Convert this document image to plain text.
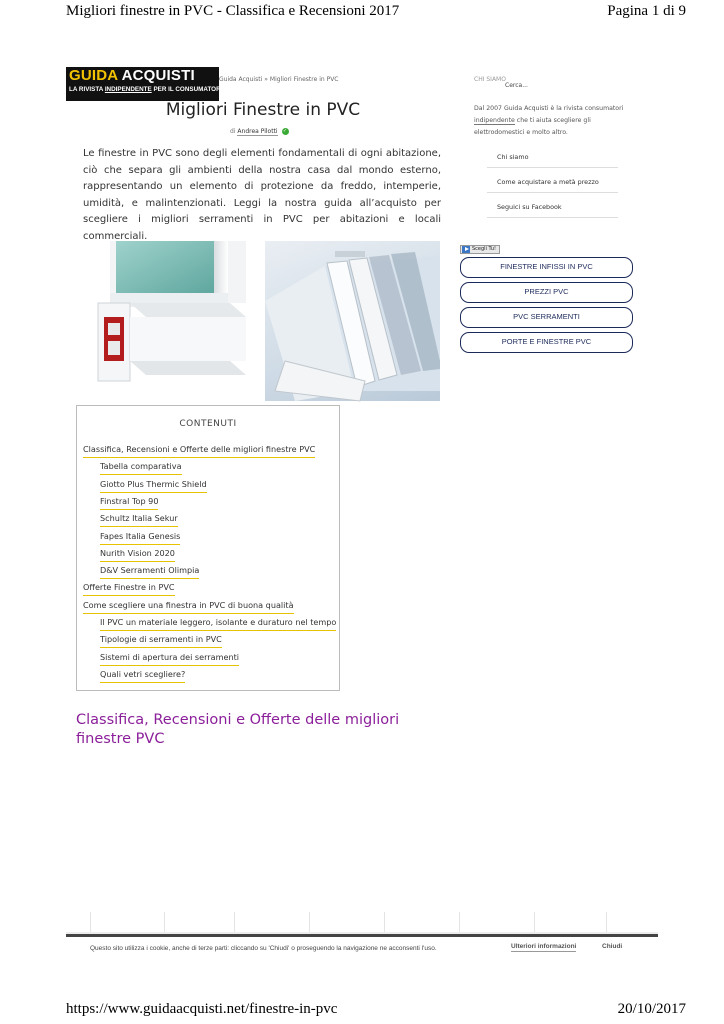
Migliori finestre in PVC - Classifica e Recensioni 2017	Pagina 1 di 9
GUIDA ACQUISTI
LA RIVISTA INDIPENDENTE PER IL CONSUMATORE INFORMATO
Guida Acquisti » Migliori Finestre in PVC
Migliori Finestre in PVC
di Andrea Pilotti ✓

Le finestre in PVC sono degli elementi fondamentali di ogni abitazione, ciò che separa gli ambienti della nostra casa dal mondo esterno, rappresentando un elemento di protezione da freddo, intemperie, umidità, e malintenzionati. Leggi la nostra guida all’acquisto per scegliere i migliori serramenti in PVC per abitazioni e locali commerciali.

CONTENUTI
Classifica, Recensioni e Offerte delle migliori finestre PVC
Tabella comparativa
Giotto Plus Thermic Shield
Finstral Top 90
Schultz Italia Sekur
Fapes Italia Genesis
Nurith Vision 2020
D&V Serramenti Olimpia
Offerte Finestre in PVC
Come scegliere una finestra in PVC di buona qualità
Il PVC un materiale leggero, isolante e duraturo nel tempo
Tipologie di serramenti in PVC
Sistemi di apertura dei serramenti
Quali vetri scegliere?
Classifica, Recensioni e Offerte delle migliori finestre PVC
CHI SIAMO
Cerca...
Dal 2007 Guida Acquisti è la rivista consumatori indipendente che ti aiuta scegliere gli elettrodomestici e molto altro.
Chi siamo
Come acquistare a metà prezzo
Seguici su Facebook
Scegli Tu!
FINESTRE INFISSI IN PVC
PREZZI PVC
PVC SERRAMENTI
PORTE E FINESTRE PVC
Questo sito utilizza i cookie, anche di terze parti: cliccando su 'Chiudi' o proseguendo la navigazione ne acconsenti l'uso.	Ulteriori informazioni	Chiudi
https://www.guidaacquisti.net/finestre-in-pvc	20/10/2017
